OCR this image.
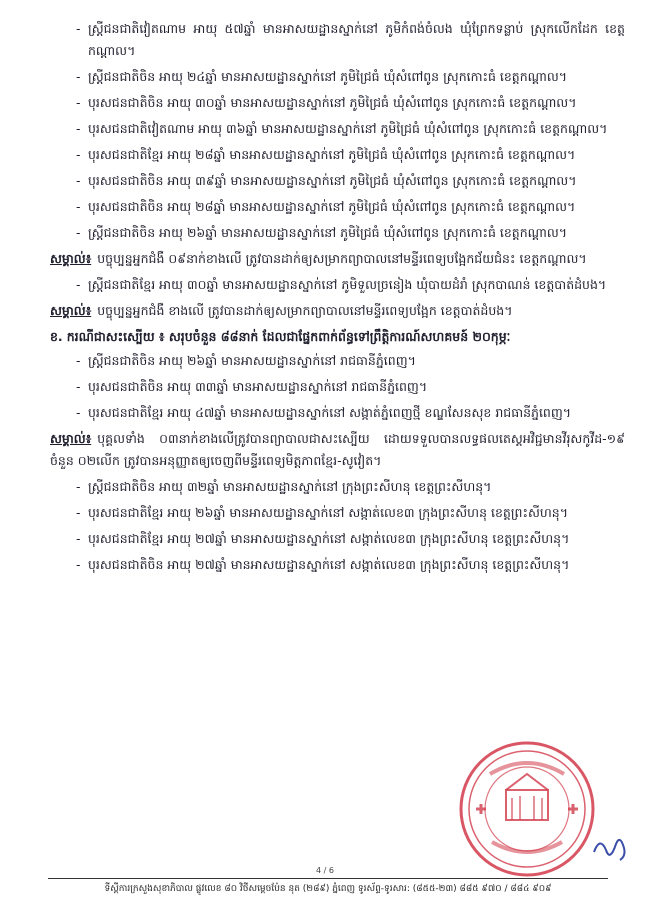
- ស្ត្រីជនជាតិវៀតណាម អាយុ ៥៧ឆ្នាំ មានអាសយដ្ឋានស្នាក់នៅ ភូមិកំពង់ចំលង ឃុំព្រែកទន្លាប់ ស្រុកលើកដែក ខេត្តកណ្តាល។
- ស្ត្រីជនជាតិចិន អាយុ ២៤ឆ្នាំ មានអាសយដ្ឋានស្នាក់នៅ ភូមិជ្រៃធំ ឃុំសំពៅពូន ស្រុកកោះធំ ខេត្តកណ្តាល។
- បុរសជនជាតិចិន អាយុ ៣០ឆ្នាំ មានអាសយដ្ឋានស្នាក់នៅ ភូមិជ្រៃធំ ឃុំសំពៅពូន ស្រុកកោះធំ ខេត្តកណ្តាល។
- បុរសជនជាតិវៀតណាម អាយុ ៣៦ឆ្នាំ មានអាសយដ្ឋានស្នាក់នៅ ភូមិជ្រៃធំ ឃុំសំពៅពូន ស្រុកកោះធំ ខេត្តកណ្តាល។
- បុរសជនជាតិខ្មែរ អាយុ ២៨ឆ្នាំ មានអាសយដ្ឋានស្នាក់នៅ ភូមិជ្រៃធំ ឃុំសំពៅពូន ស្រុកកោះធំ ខេត្តកណ្តាល។
- បុរសជនជាតិចិន អាយុ ៣៩ឆ្នាំ មានអាសយដ្ឋានស្នាក់នៅ ភូមិជ្រៃធំ ឃុំសំពៅពូន ស្រុកកោះធំ ខេត្តកណ្តាល។
- បុរសជនជាតិចិន អាយុ ២៨ឆ្នាំ មានអាសយដ្ឋានស្នាក់នៅ ភូមិជ្រៃធំ ឃុំសំពៅពូន ស្រុកកោះធំ ខេត្តកណ្តាល។
- ស្ត្រីជនជាតិចិន អាយុ ២៦ឆ្នាំ មានអាសយដ្ឋានស្នាក់នៅ ភូមិជ្រៃធំ ឃុំសំពៅពូន ស្រុកកោះធំ ខេត្តកណ្តាល។
សម្គាល់៖ បច្ចុប្បន្នអ្នកជំងឺ ០៩នាក់ខាងលើ ត្រូវបានដាក់ឲ្យសម្រាកព្យាបាលនៅមន្ទីរពេទ្យបង្អែកជ័យជំនះ ខេត្តកណ្តាល។
- ស្ត្រីជនជាតិខ្មែរ អាយុ ៣០ឆ្នាំ មានអាសយដ្ឋានស្នាក់នៅ ភូមិទួលច្រនៀង ឃុំបាយដំរាំ ស្រុកបាណន់ ខេត្តបាត់ដំបង។
សម្គាល់៖ បច្ចុប្បន្នអ្នកជំងឺ ខាងលើ ត្រូវបានដាក់ឲ្យសម្រាកព្យាបាលនៅមន្ទីរពេទ្យបង្អែក ខេត្តបាត់ដំបង។
ខ. ករណីជាសះស្បើយ ៖ សរុបចំនួន ៨៨នាក់ ដែលជាផ្នែកពាក់ព័ន្ធទៅព្រឹត្តិការណ៍សហគមន៍ ២០កុម្ភៈ
- ស្ត្រីជនជាតិចិន អាយុ ២៦ឆ្នាំ មានអាសយដ្ឋានស្នាក់នៅ រាជធានីភ្នំពេញ។
- បុរសជនជាតិចិន អាយុ ៣៣ឆ្នាំ មានអាសយដ្ឋានស្នាក់នៅ រាជធានីភ្នំពេញ។
- បុរសជនជាតិខ្មែរ អាយុ ៤៧ឆ្នាំ មានអាសយដ្ឋានស្នាក់នៅ សង្កាត់ភ្នំពេញថ្មី ខណ្ឌសែនសុខ រាជធានីភ្នំពេញ។
សម្គាល់៖ បុគ្គលទាំង ០៣នាក់ខាងលើត្រូវបានព្យាបាលជាសះស្បើយ ដោយទទួលបានលទ្ធផលតេស្តអវិជ្ជមានវីរុសកូវីដ-១៩ ចំនួន ០២លើក ត្រូវបានអនុញ្ញាតឲ្យចេញពីមន្ទីរពេទ្យមិត្តភាពខ្មែរ-សូវៀត។
- ស្ត្រីជនជាតិចិន អាយុ ៣២ឆ្នាំ មានអាសយដ្ឋានស្នាក់នៅ ក្រុងព្រះសីហនុ ខេត្តព្រះសីហនុ។
- បុរសជនជាតិខ្មែរ អាយុ ២៦ឆ្នាំ មានអាសយដ្ឋានស្នាក់នៅ សង្កាត់លេខ៣ ក្រុងព្រះសីហនុ ខេត្តព្រះសីហនុ។
- បុរសជនជាតិខ្មែរ អាយុ ២៧ឆ្នាំ មានអាសយដ្ឋានស្នាក់នៅ សង្កាត់លេខ៣ ក្រុងព្រះសីហនុ ខេត្តព្រះសីហនុ។
- បុរសជនជាតិចិន អាយុ ២៧ឆ្នាំ មានអាសយដ្ឋានស្នាក់នៅ សង្កាត់លេខ៣ ក្រុងព្រះសីហនុ ខេត្តព្រះសីហនុ។
4 / 6
ទីស្តីការក្រសួងសុខាភិបាល ផ្លូវលេខ ៨០ វិថីសម្តេចប៉ែន នុត (២៨៩) ភ្នំពេញ ទូរស័ព្ទ-ទូរសារ: (៨៥៥-២៣) ៨៨៥ ៩៧០ / ៨៨៤ ៩០៩
